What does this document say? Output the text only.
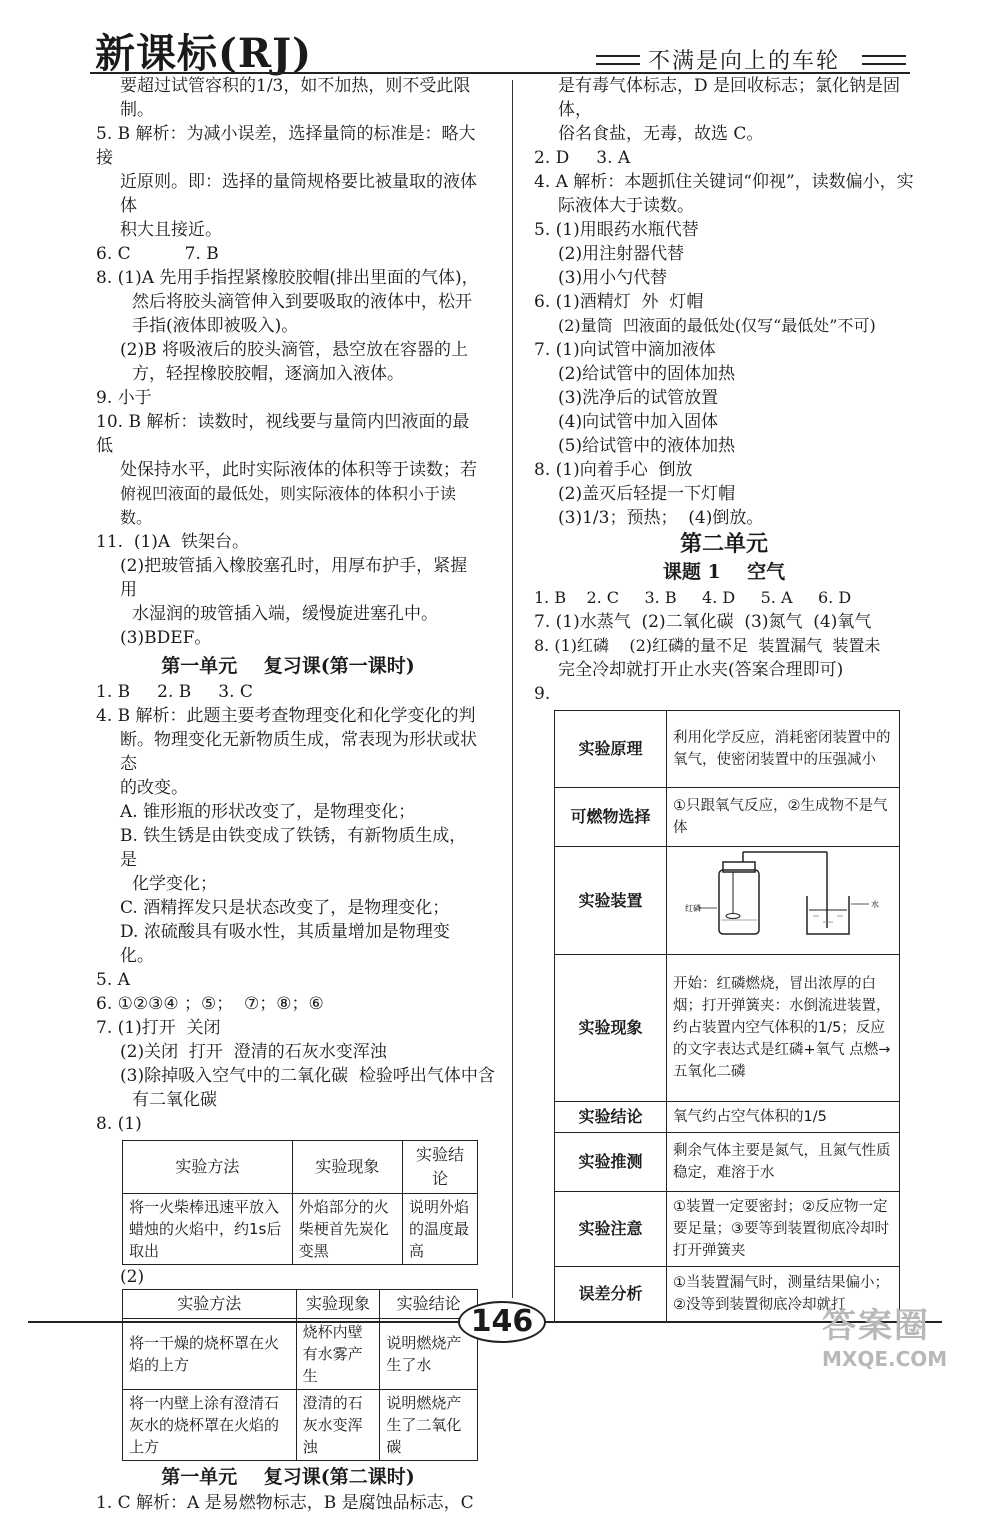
新课标(RJ)	不满是向上的车轮

要超过试管容积的1/3，如不加热，则不受此限制。

5. B 解析：为减小误差，选择量筒的标准是：略大接

近原则。即：选择的量筒规格要比被量取的液体体

积大且接近。

6. C          7. B

8. (1)A 先用手指捏紧橡胶胶帽(排出里面的气体)，

然后将胶头滴管伸入到要吸取的液体中，松开

手指(液体即被吸入)。

(2)B 将吸液后的胶头滴管，悬空放在容器的上

方，轻捏橡胶胶帽，逐滴加入液体。

9. 小于

10. B 解析：读数时，视线要与量筒内凹液面的最低

处保持水平，此时实际液体的体积等于读数；若

俯视凹液面的最低处，则实际液体的体积小于读数。

11.  (1)A  铁架台。

(2)把玻管插入橡胶塞孔时，用厚布护手，紧握用

水湿润的玻管插入端，缓慢旋进塞孔中。

(3)BDEF。

第一单元    复习课(第一课时)

1. B     2. B     3. C

4. B 解析：此题主要考查物理变化和化学变化的判

断。物理变化无新物质生成，常表现为形状或状态

的改变。

A. 锥形瓶的形状改变了，是物理变化；

B. 铁生锈是由铁变成了铁锈，有新物质生成，是

化学变化；

C. 酒精挥发只是状态改变了，是物理变化；

D. 浓硫酸具有吸水性，其质量增加是物理变化。

5. A

6. ①②③④ ；⑤；  ⑦；⑧；⑥

7. (1)打开  关闭

(2)关闭  打开  澄清的石灰水变浑浊

(3)除掉吸入空气中的二氧化碳  检验呼出气体中含

有二氧化碳

8. (1)

实验方法	实验现象	实验结论
将一火柴棒迅速平放入蜡烛的火焰中，约1s后取出	外焰部分的火柴梗首先炭化变黑	说明外焰的温度最高

(2)

实验方法	实验现象	实验结论
将一干燥的烧杯罩在火焰的上方	烧杯内壁有水雾产生	说明燃烧产生了水
将一内壁上涂有澄清石灰水的烧杯罩在火焰的上方	澄清的石灰水变浑浊	说明燃烧产生了二氧化碳
第一单元    复习课(第二课时)

1. C 解析：A 是易燃物标志，B 是腐蚀品标志，C

是有毒气体标志，D 是回收标志；氯化钠是固体，

俗名食盐，无毒，故选 C。

2. D     3. A

4. A 解析：本题抓住关键词“仰视”，读数偏小，实

际液体大于读数。

5. (1)用眼药水瓶代替

(2)用注射器代替

(3)用小勺代替

6. (1)酒精灯  外  灯帽

(2)量筒  凹液面的最低处(仅写“最低处”不可)

7. (1)向试管中滴加液体

(2)给试管中的固体加热

(3)洗净后的试管放置

(4)向试管中加入固体

(5)给试管中的液体加热

8. (1)向着手心  倒放

(2)盖灭后轻提一下灯帽

(3)1/3；预热；  (4)倒放。

第二单元
课题 1    空气

1. B    2. C     3. B     4. D     5. A     6. D

7. (1)水蒸气  (2)二氧化碳  (3)氮气  (4)氧气

8. (1)红磷    (2)红磷的量不足  装置漏气  装置未

完全冷却就打开止水夹(答案合理即可)

9.

实验原理	利用化学反应，消耗密闭装置中的氧气，使密闭装置中的压强减小
可燃物选择	①只跟氧气反应，②生成物不是气体
实验装置	红磷 水

实验现象	开始：红磷燃烧，冒出浓厚的白烟；打开弹簧夹：水倒流进装置，约占装置内空气体积的1/5；反应的文字表达式是红磷+氧气 点燃→ 五氧化二磷
实验结论	氧气约占空气体积的1/5
实验推测	剩余气体主要是氮气，且氮气性质稳定，难溶于水
实验注意	①装置一定要密封；②反应物一定要足量；③要等到装置彻底冷却时打开弹簧夹
误差分析	①当装置漏气时，测量结果偏小；②没等到装置彻底冷却就打
146	答案圈
MXQE.COM
